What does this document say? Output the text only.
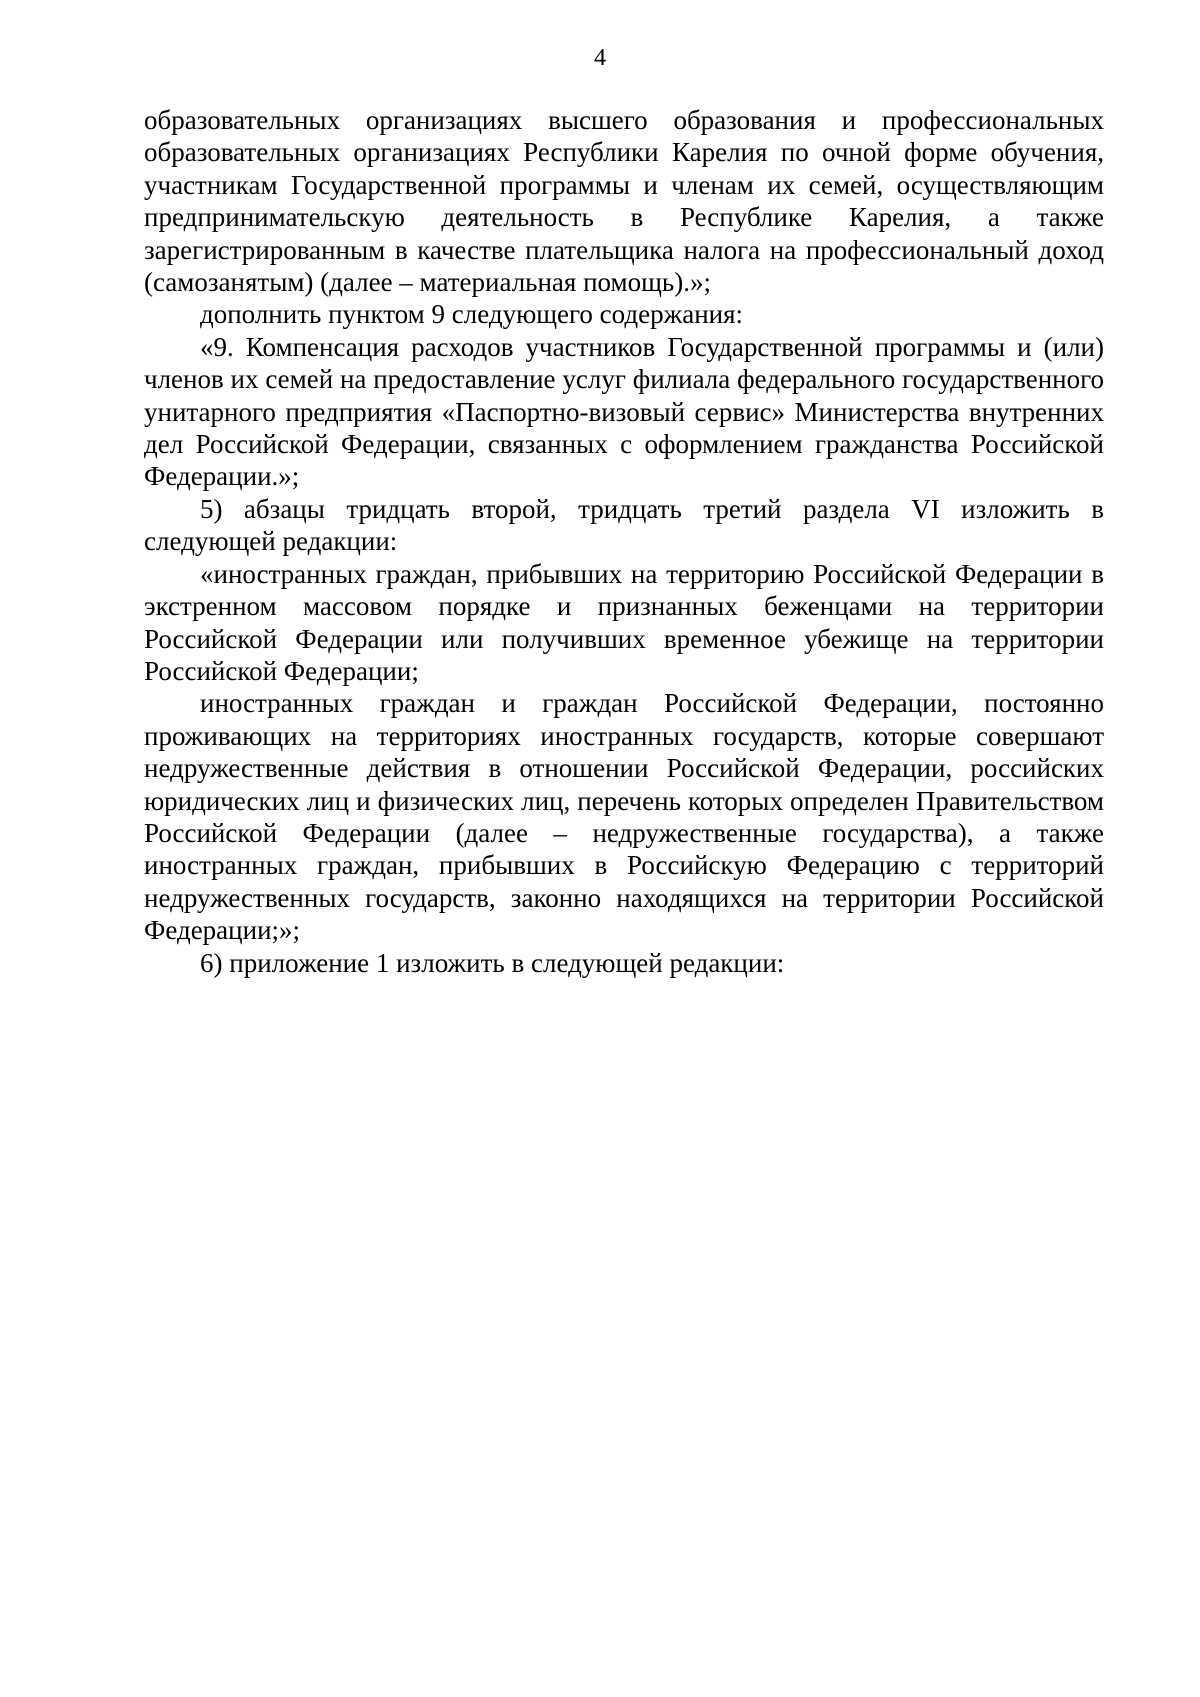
4

образовательных организациях высшего образования и профессиональных образовательных организациях Республики Карелия по очной форме обучения, участникам Государственной программы и членам их семей, осуществляющим предпринимательскую деятельность в Республике Карелия, а также зарегистрированным в качестве плательщика налога на профессиональный доход (самозанятым) (далее – материальная помощь).»;

дополнить пунктом 9 следующего содержания:

«9. Компенсация расходов участников Государственной программы и (или) членов их семей на предоставление услуг филиала федерального государственного унитарного предприятия «Паспортно-визовый сервис» Министерства внутренних дел Российской Федерации, связанных с оформлением гражданства Российской Федерации.»;

5) абзацы тридцать второй, тридцать третий раздела VI изложить в следующей редакции:

«иностранных граждан, прибывших на территорию Российской Федерации в экстренном массовом порядке и признанных беженцами на территории Российской Федерации или получивших временное убежище на территории Российской Федерации;

иностранных граждан и граждан Российской Федерации, постоянно проживающих на территориях иностранных государств, которые совершают недружественные действия в отношении Российской Федерации, российских юридических лиц и физических лиц, перечень которых определен Правительством Российской Федерации (далее – недружественные государства), а также иностранных граждан, прибывших в Российскую Федерацию с территорий недружественных государств, законно находящихся на территории Российской Федерации;»;

6) приложение 1 изложить в следующей редакции:
